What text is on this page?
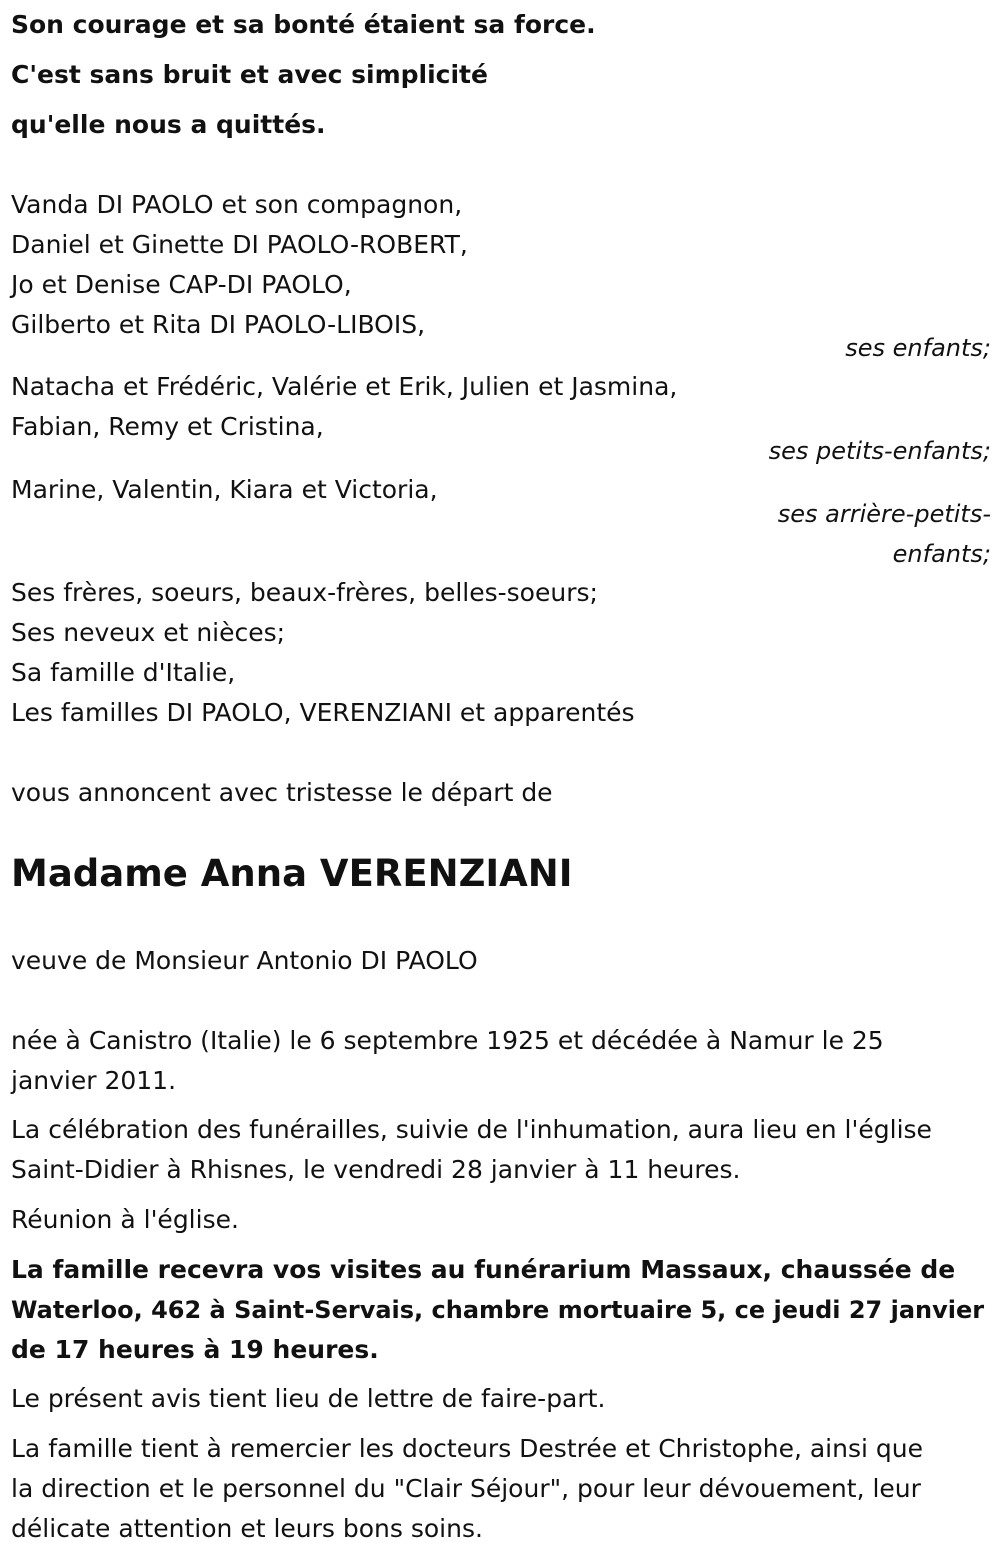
Son courage et sa bonté étaient sa force.
C'est sans bruit et avec simplicité
qu'elle nous a quittés.
Vanda DI PAOLO et son compagnon,
Daniel et Ginette DI PAOLO-ROBERT,
Jo et Denise CAP-DI PAOLO,
Gilberto et Rita DI PAOLO-LIBOIS,
ses enfants;
Natacha et Frédéric, Valérie et Erik, Julien et Jasmina,
Fabian, Remy et Cristina,
ses petits-enfants;
Marine, Valentin, Kiara et Victoria,
ses arrière-petits-
enfants;
Ses frères, soeurs, beaux-frères, belles-soeurs;
Ses neveux et nièces;
Sa famille d'Italie,
Les familles DI PAOLO, VERENZIANI et apparentés
vous annoncent avec tristesse le départ de
Madame Anna VERENZIANI
veuve de Monsieur Antonio DI PAOLO
née à Canistro (Italie) le 6 septembre 1925 et décédée à Namur le 25
janvier 2011.
La célébration des funérailles, suivie de l'inhumation, aura lieu en l'église
Saint-Didier à Rhisnes, le vendredi 28 janvier à 11 heures.
Réunion à l'église.
La famille recevra vos visites au funérarium Massaux, chaussée de
Waterloo, 462 à Saint-Servais, chambre mortuaire 5, ce jeudi 27 janvier
de 17 heures à 19 heures.
Le présent avis tient lieu de lettre de faire-part.
La famille tient à remercier les docteurs Destrée et Christophe, ainsi que
la direction et le personnel du "Clair Séjour", pour leur dévouement, leur
délicate attention et leurs bons soins.
